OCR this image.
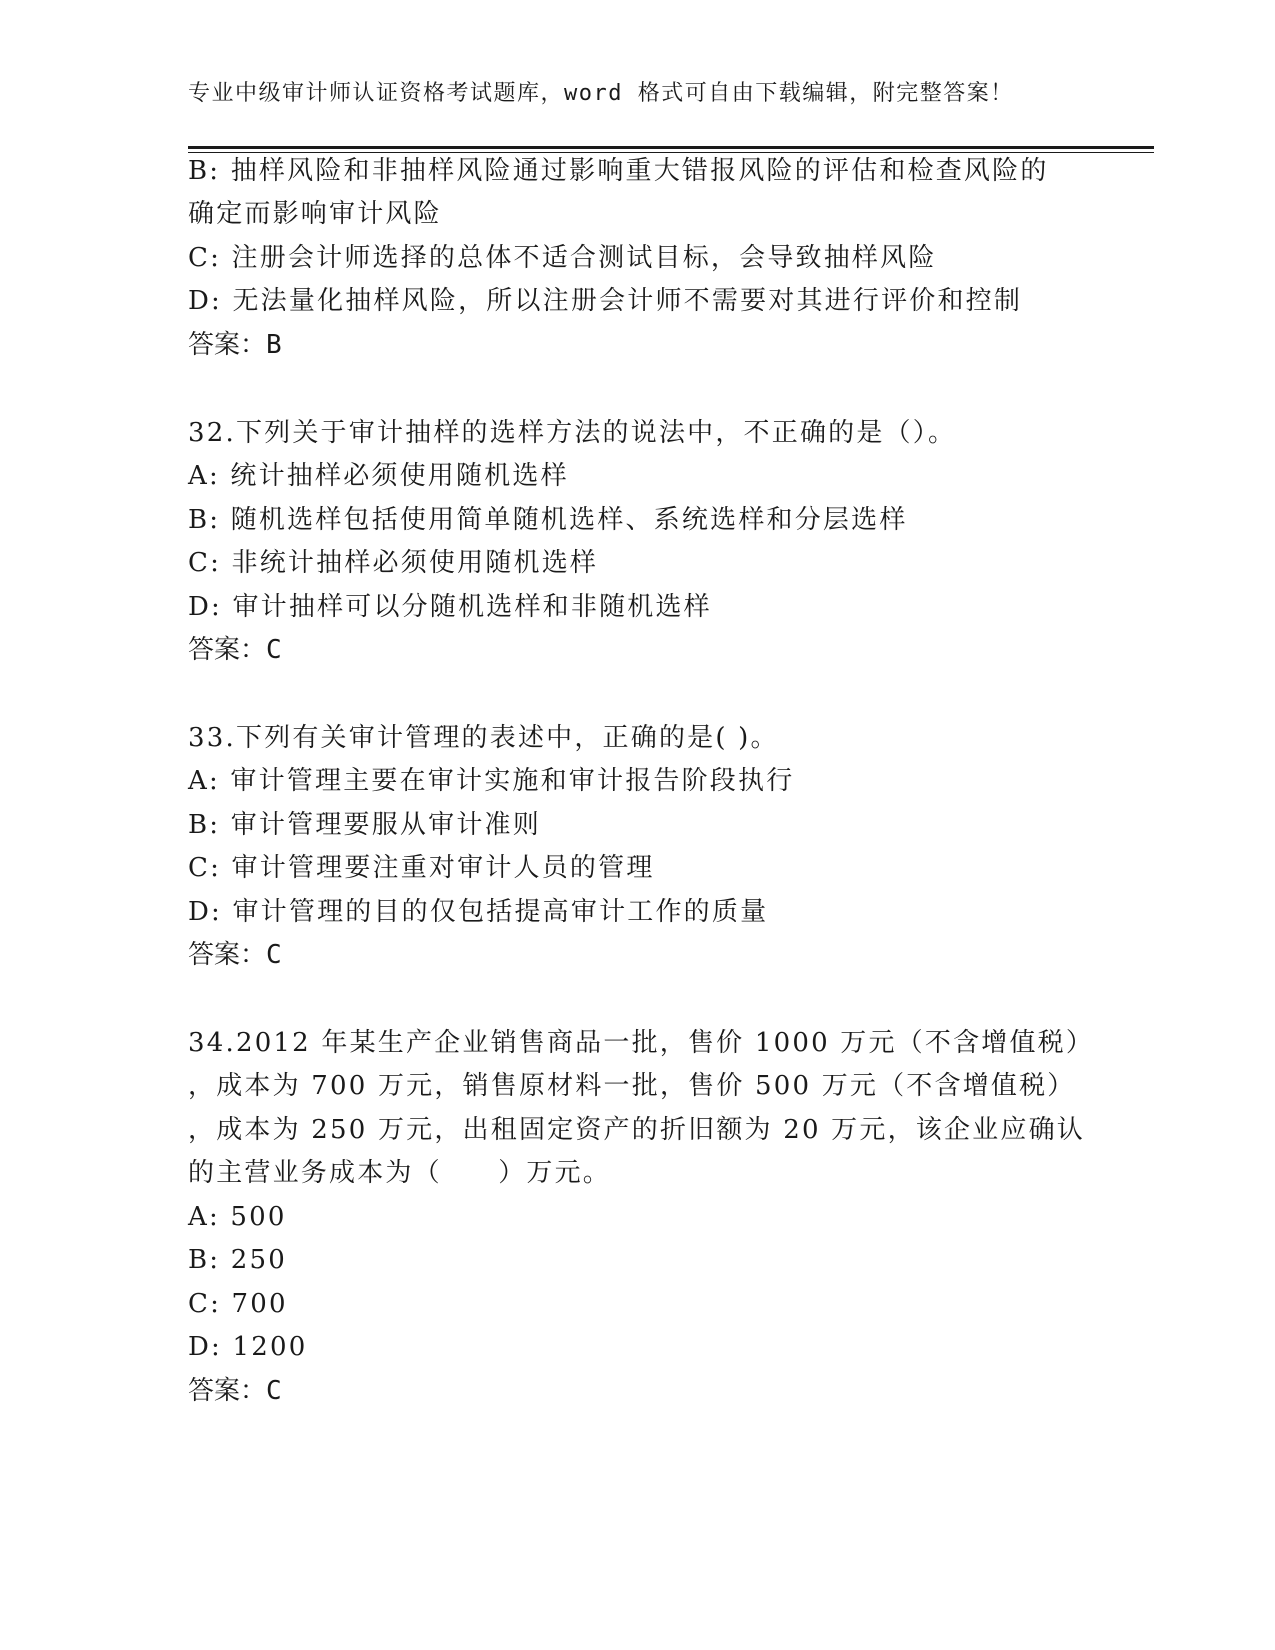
专业中级审计师认证资格考试题库，word 格式可自由下载编辑，附完整答案！
B: 抽样风险和非抽样风险通过影响重大错报风险的评估和检查风险的
确定而影响审计风险
C: 注册会计师选择的总体不适合测试目标，会导致抽样风险
D: 无法量化抽样风险，所以注册会计师不需要对其进行评价和控制
答案：B
32.下列关于审计抽样的选样方法的说法中，不正确的是（）。
A: 统计抽样必须使用随机选样
B: 随机选样包括使用简单随机选样、系统选样和分层选样
C: 非统计抽样必须使用随机选样
D: 审计抽样可以分随机选样和非随机选样
答案：C
33.下列有关审计管理的表述中，正确的是( )。
A: 审计管理主要在审计实施和审计报告阶段执行
B: 审计管理要服从审计准则
C: 审计管理要注重对审计人员的管理
D: 审计管理的目的仅包括提高审计工作的质量
答案：C
34.2012 年某生产企业销售商品一批，售价 1000 万元（不含增值税）
，成本为 700 万元，销售原材料一批，售价 500 万元（不含增值税）
，成本为 250 万元，出租固定资产的折旧额为 20 万元，该企业应确认
的主营业务成本为（　　）万元。
A: 500
B: 250
C: 700
D: 1200
答案：C
